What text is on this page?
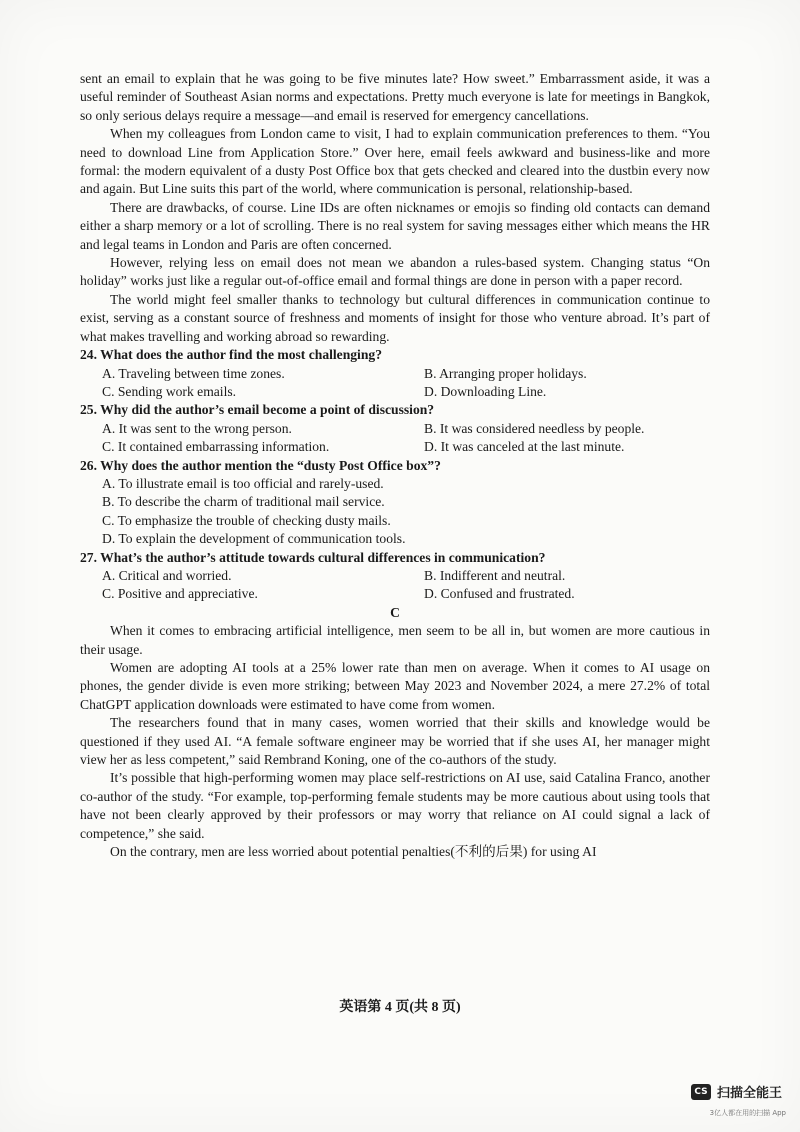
sent an email to explain that he was going to be five minutes late? How sweet.” Embarrassment aside, it was a useful reminder of Southeast Asian norms and expectations. Pretty much everyone is late for meetings in Bangkok, so only serious delays require a message—and email is reserved for emergency cancellations.

When my colleagues from London came to visit, I had to explain communication preferences to them. “You need to download Line from Application Store.” Over here, email feels awkward and business-like and more formal: the modern equivalent of a dusty Post Office box that gets checked and cleared into the dustbin every now and again. But Line suits this part of the world, where communication is personal, relationship-based.

There are drawbacks, of course. Line IDs are often nicknames or emojis so finding old contacts can demand either a sharp memory or a lot of scrolling. There is no real system for saving messages either which means the HR and legal teams in London and Paris are often concerned.

However, relying less on email does not mean we abandon a rules-based system. Changing status “On holiday” works just like a regular out-of-office email and formal things are done in person with a paper record.

The world might feel smaller thanks to technology but cultural differences in communication continue to exist, serving as a constant source of freshness and moments of insight for those who venture abroad. It’s part of what makes travelling and working abroad so rewarding.

24. What does the author find the most challenging?

A. Traveling between time zones.	B. Arranging proper holidays.

C. Sending work emails.	D. Downloading Line.

25. Why did the author’s email become a point of discussion?

A. It was sent to the wrong person.	B. It was considered needless by people.

C. It contained embarrassing information.	D. It was canceled at the last minute.

26. Why does the author mention the “dusty Post Office box”?

A. To illustrate email is too official and rarely-used.

B. To describe the charm of traditional mail service.

C. To emphasize the trouble of checking dusty mails.

D. To explain the development of communication tools.

27. What’s the author’s attitude towards cultural differences in communication?

A. Critical and worried.	B. Indifferent and neutral.

C. Positive and appreciative.	D. Confused and frustrated.

C

When it comes to embracing artificial intelligence, men seem to be all in, but women are more cautious in their usage.

Women are adopting AI tools at a 25% lower rate than men on average. When it comes to AI usage on phones, the gender divide is even more striking; between May 2023 and November 2024, a mere 27.2% of total ChatGPT application downloads were estimated to have come from women.

The researchers found that in many cases, women worried that their skills and knowledge would be questioned if they used AI. “A female software engineer may be worried that if she uses AI, her manager might view her as less competent,” said Rembrand Koning, one of the co-authors of the study.

It’s possible that high-performing women may place self-restrictions on AI use, said Catalina Franco, another co-author of the study. “For example, top-performing female students may be more cautious about using tools that have not been clearly approved by their professors or may worry that reliance on AI could signal a lack of competence,” she said.

On the contrary, men are less worried about potential penalties(不利的后果) for using AI

英语第 4 页(共 8 页)
CS 扫描全能王
3亿人都在用的扫描 App
